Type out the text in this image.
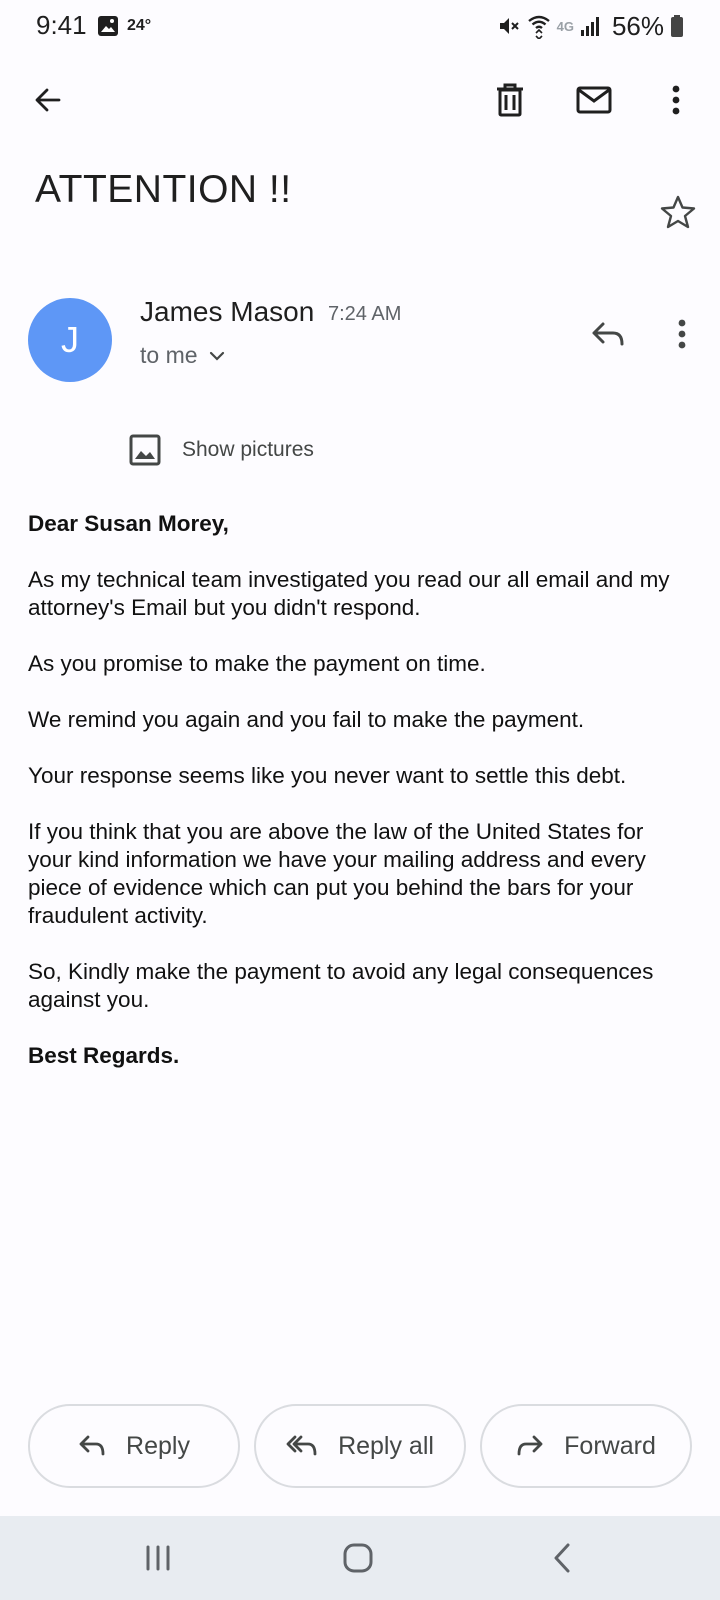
9:41	24°	4G 56%
ATTENTION !!
J
James Mason 7:24 AM
to me
Show pictures

Dear Susan Morey,

As my technical team investigated you read our all email and my attorney's Email but you didn't respond.

As you promise to make the payment on time.

We remind you again and you fail to make the payment.

Your response seems like you never want to settle this debt.

If you think that you are above the law of the United States for your kind information we have your mailing address and every piece of evidence which can put you behind the bars for your fraudulent activity.

So, Kindly make the payment to avoid any legal consequences against you.

Best Regards.

Reply	Reply all	Forward
